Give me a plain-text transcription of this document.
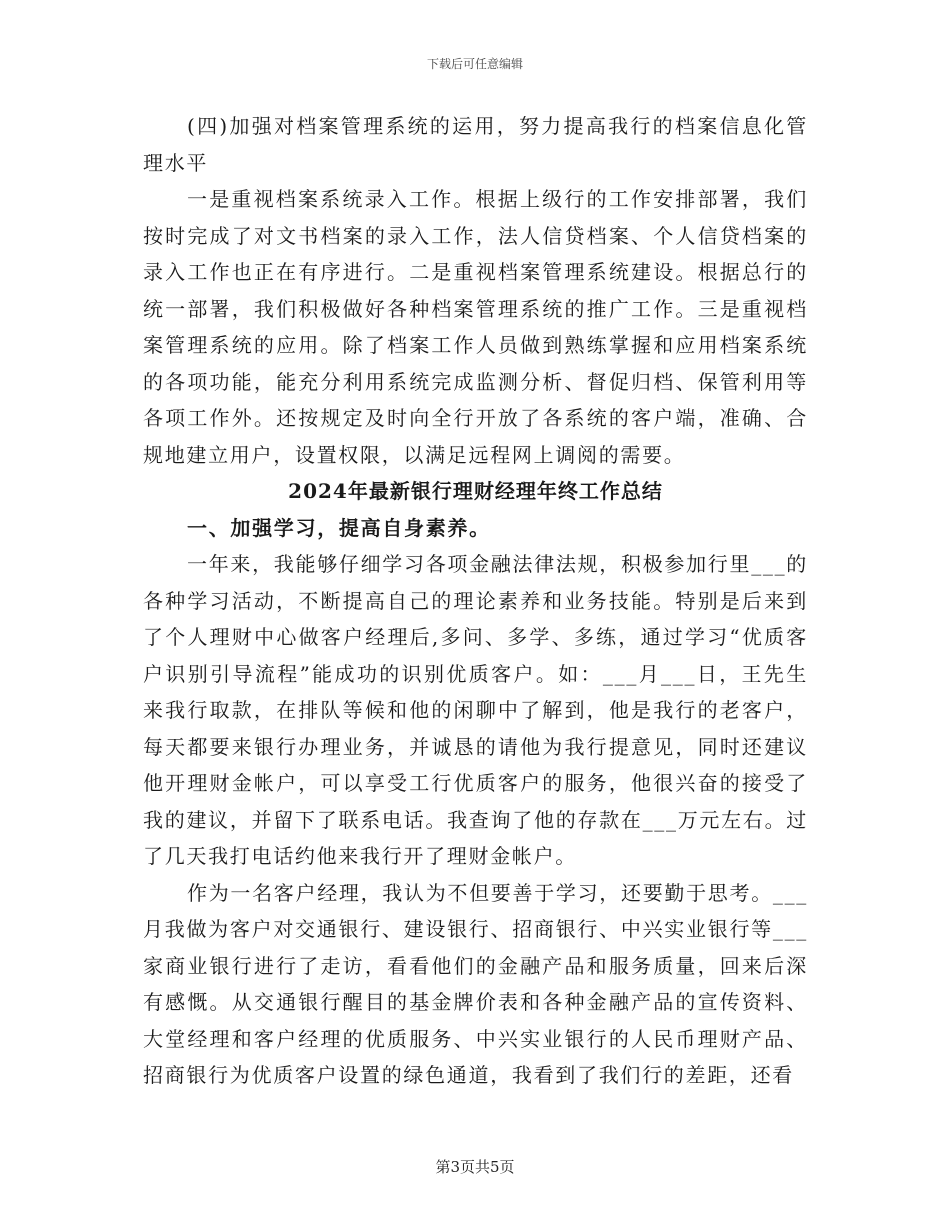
下载后可任意编辑

(四)加强对档案管理系统的运用，努力提高我行的档案信息化管理水平

一是重视档案系统录入工作。根据上级行的工作安排部署，我们按时完成了对文书档案的录入工作，法人信贷档案、个人信贷档案的录入工作也正在有序进行。二是重视档案管理系统建设。根据总行的统一部署，我们积极做好各种档案管理系统的推广工作。三是重视档案管理系统的应用。除了档案工作人员做到熟练掌握和应用档案系统的各项功能，能充分利用系统完成监测分析、督促归档、保管利用等各项工作外。还按规定及时向全行开放了各系统的客户端，准确、合规地建立用户，设置权限，以满足远程网上调阅的需要。

2024年最新银行理财经理年终工作总结

一、加强学习，提高自身素养。

一年来，我能够仔细学习各项金融法律法规，积极参加行里___的各种学习活动，不断提高自己的理论素养和业务技能。特别是后来到了个人理财中心做客户经理后,多问、多学、多练，通过学习“优质客户识别引导流程”能成功的识别优质客户。如：___月___日，王先生来我行取款，在排队等候和他的闲聊中了解到，他是我行的老客户，每天都要来银行办理业务，并诚恳的请他为我行提意见，同时还建议他开理财金帐户，可以享受工行优质客户的服务，他很兴奋的接受了我的建议，并留下了联系电话。我查询了他的存款在___万元左右。过了几天我打电话约他来我行开了理财金帐户。

作为一名客户经理，我认为不但要善于学习，还要勤于思考。___月我做为客户对交通银行、建设银行、招商银行、中兴实业银行等___家商业银行进行了走访，看看他们的金融产品和服务质量，回来后深有感慨。从交通银行醒目的基金牌价表和各种金融产品的宣传资料、大堂经理和客户经理的优质服务、中兴实业银行的人民币理财产品、招商银行为优质客户设置的绿色通道，我看到了我们行的差距，还看

第3页共5页
